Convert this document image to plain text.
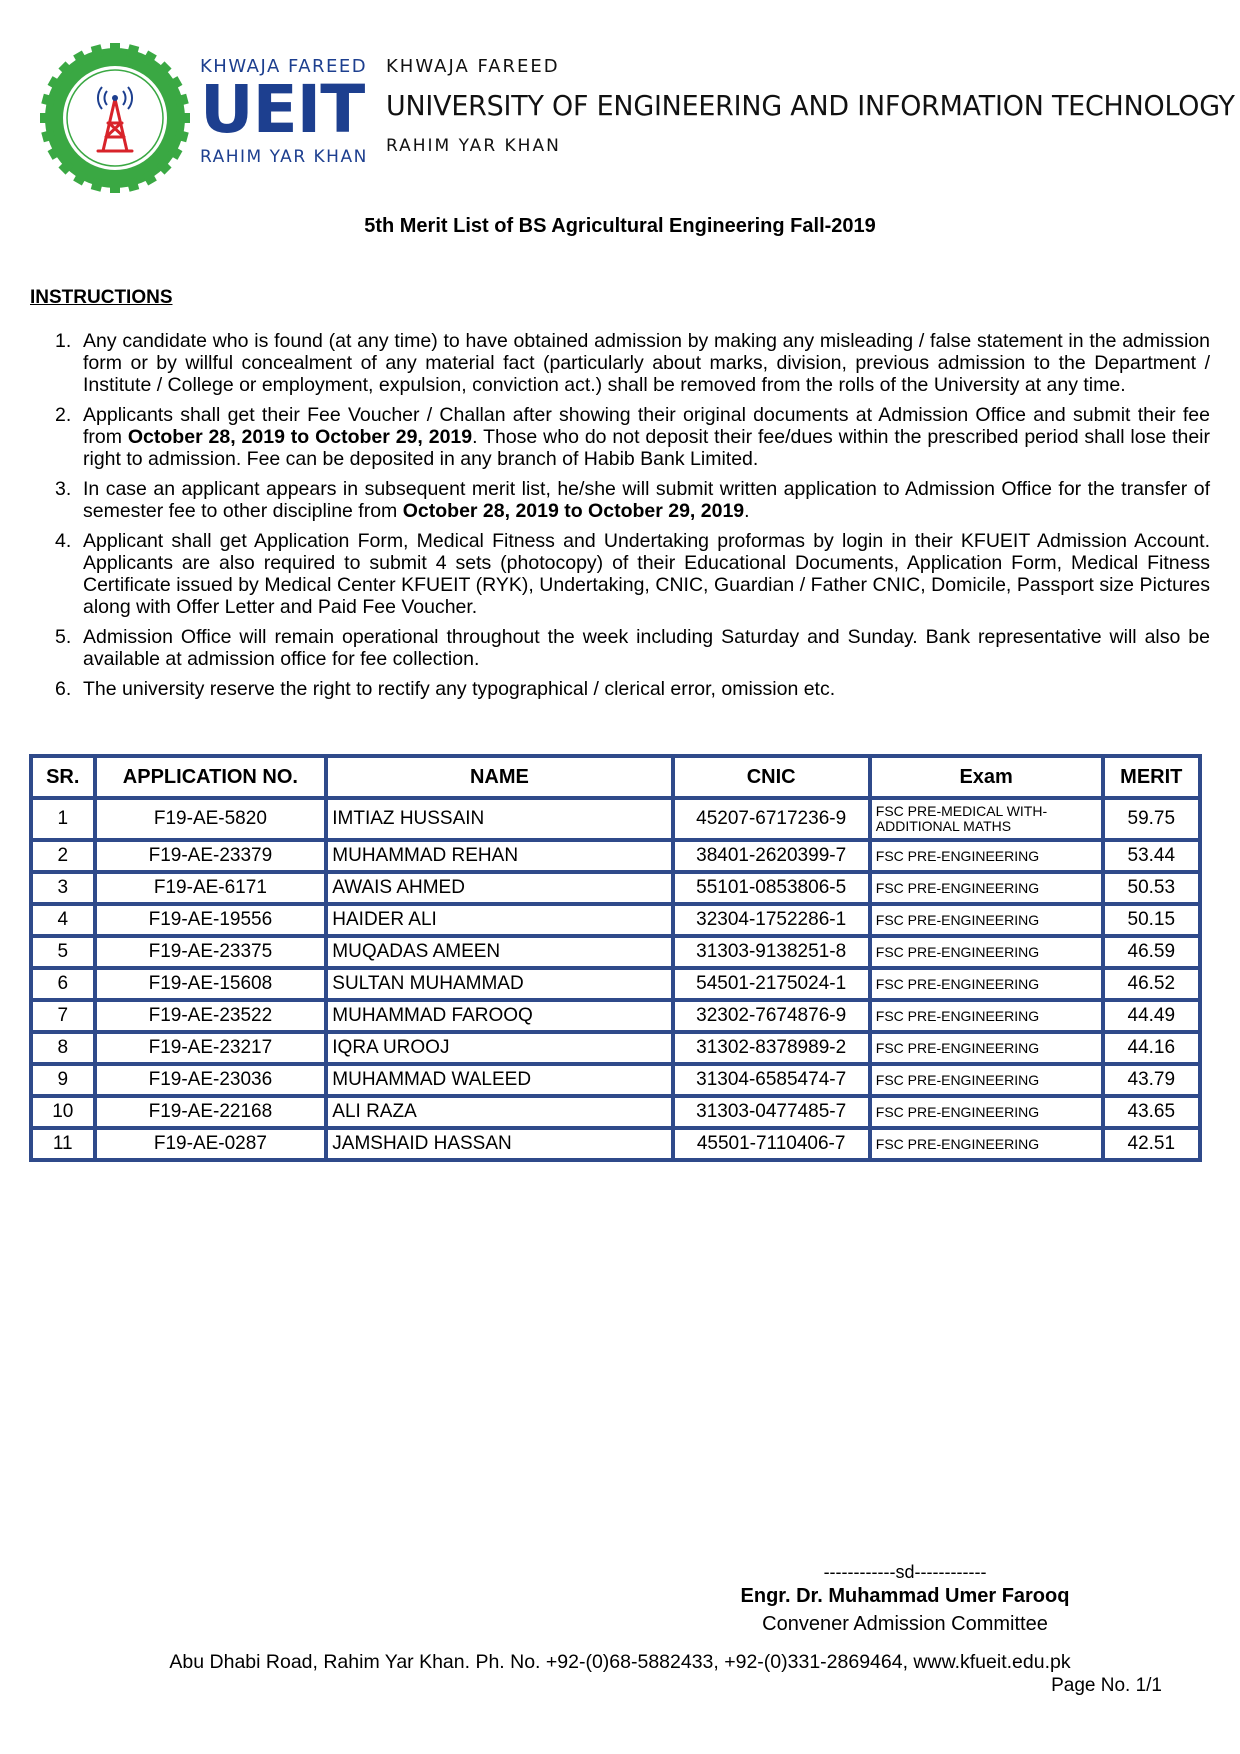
KHWAJA FAREED
UEIT
RAHIM YAR KHAN
KHWAJA FAREED
UNIVERSITY OF ENGINEERING AND INFORMATION TECHNOLOGY
RAHIM YAR KHAN
5th Merit List of BS Agricultural Engineering Fall-2019
INSTRUCTIONS
1. Any candidate who is found (at any time) to have obtained admission by making any misleading / false statement in the admission form or by willful concealment of any material fact (particularly about marks, division, previous admission to the Department / Institute / College or employment, expulsion, conviction act.) shall be removed from the rolls of the University at any time.
2. Applicants shall get their Fee Voucher / Challan after showing their original documents at Admission Office and submit their fee from October 28, 2019 to October 29, 2019. Those who do not deposit their fee/dues within the prescribed period shall lose their right to admission. Fee can be deposited in any branch of Habib Bank Limited.
3. In case an applicant appears in subsequent merit list, he/she will submit written application to Admission Office for the transfer of semester fee to other discipline from October 28, 2019 to October 29, 2019.
4. Applicant shall get Application Form, Medical Fitness and Undertaking proformas by login in their KFUEIT Admission Account. Applicants are also required to submit 4 sets (photocopy) of their Educational Documents, Application Form, Medical Fitness Certificate issued by Medical Center KFUEIT (RYK), Undertaking, CNIC, Guardian / Father CNIC, Domicile, Passport size Pictures along with Offer Letter and Paid Fee Voucher.
5. Admission Office will remain operational throughout the week including Saturday and Sunday. Bank representative will also be available at admission office for fee collection.
6. The university reserve the right to rectify any typographical / clerical error, omission etc.
SR.	APPLICATION NO.	NAME	CNIC	Exam	MERIT
1	F19-AE-5820	IMTIAZ HUSSAIN	45207-6717236-9	FSC PRE-MEDICAL WITH-ADDITIONAL MATHS	59.75
2	F19-AE-23379	MUHAMMAD REHAN	38401-2620399-7	FSC PRE-ENGINEERING	53.44
3	F19-AE-6171	AWAIS AHMED	55101-0853806-5	FSC PRE-ENGINEERING	50.53
4	F19-AE-19556	HAIDER ALI	32304-1752286-1	FSC PRE-ENGINEERING	50.15
5	F19-AE-23375	MUQADAS AMEEN	31303-9138251-8	FSC PRE-ENGINEERING	46.59
6	F19-AE-15608	SULTAN MUHAMMAD	54501-2175024-1	FSC PRE-ENGINEERING	46.52
7	F19-AE-23522	MUHAMMAD FAROOQ	32302-7674876-9	FSC PRE-ENGINEERING	44.49
8	F19-AE-23217	IQRA UROOJ	31302-8378989-2	FSC PRE-ENGINEERING	44.16
9	F19-AE-23036	MUHAMMAD WALEED	31304-6585474-7	FSC PRE-ENGINEERING	43.79
10	F19-AE-22168	ALI RAZA	31303-0477485-7	FSC PRE-ENGINEERING	43.65
11	F19-AE-0287	JAMSHAID HASSAN	45501-7110406-7	FSC PRE-ENGINEERING	42.51
------------sd------------
Engr. Dr. Muhammad Umer Farooq
Convener Admission Committee
Abu Dhabi Road, Rahim Yar Khan. Ph. No. +92-(0)68-5882433, +92-(0)331-2869464, www.kfueit.edu.pk
Page No. 1/1
